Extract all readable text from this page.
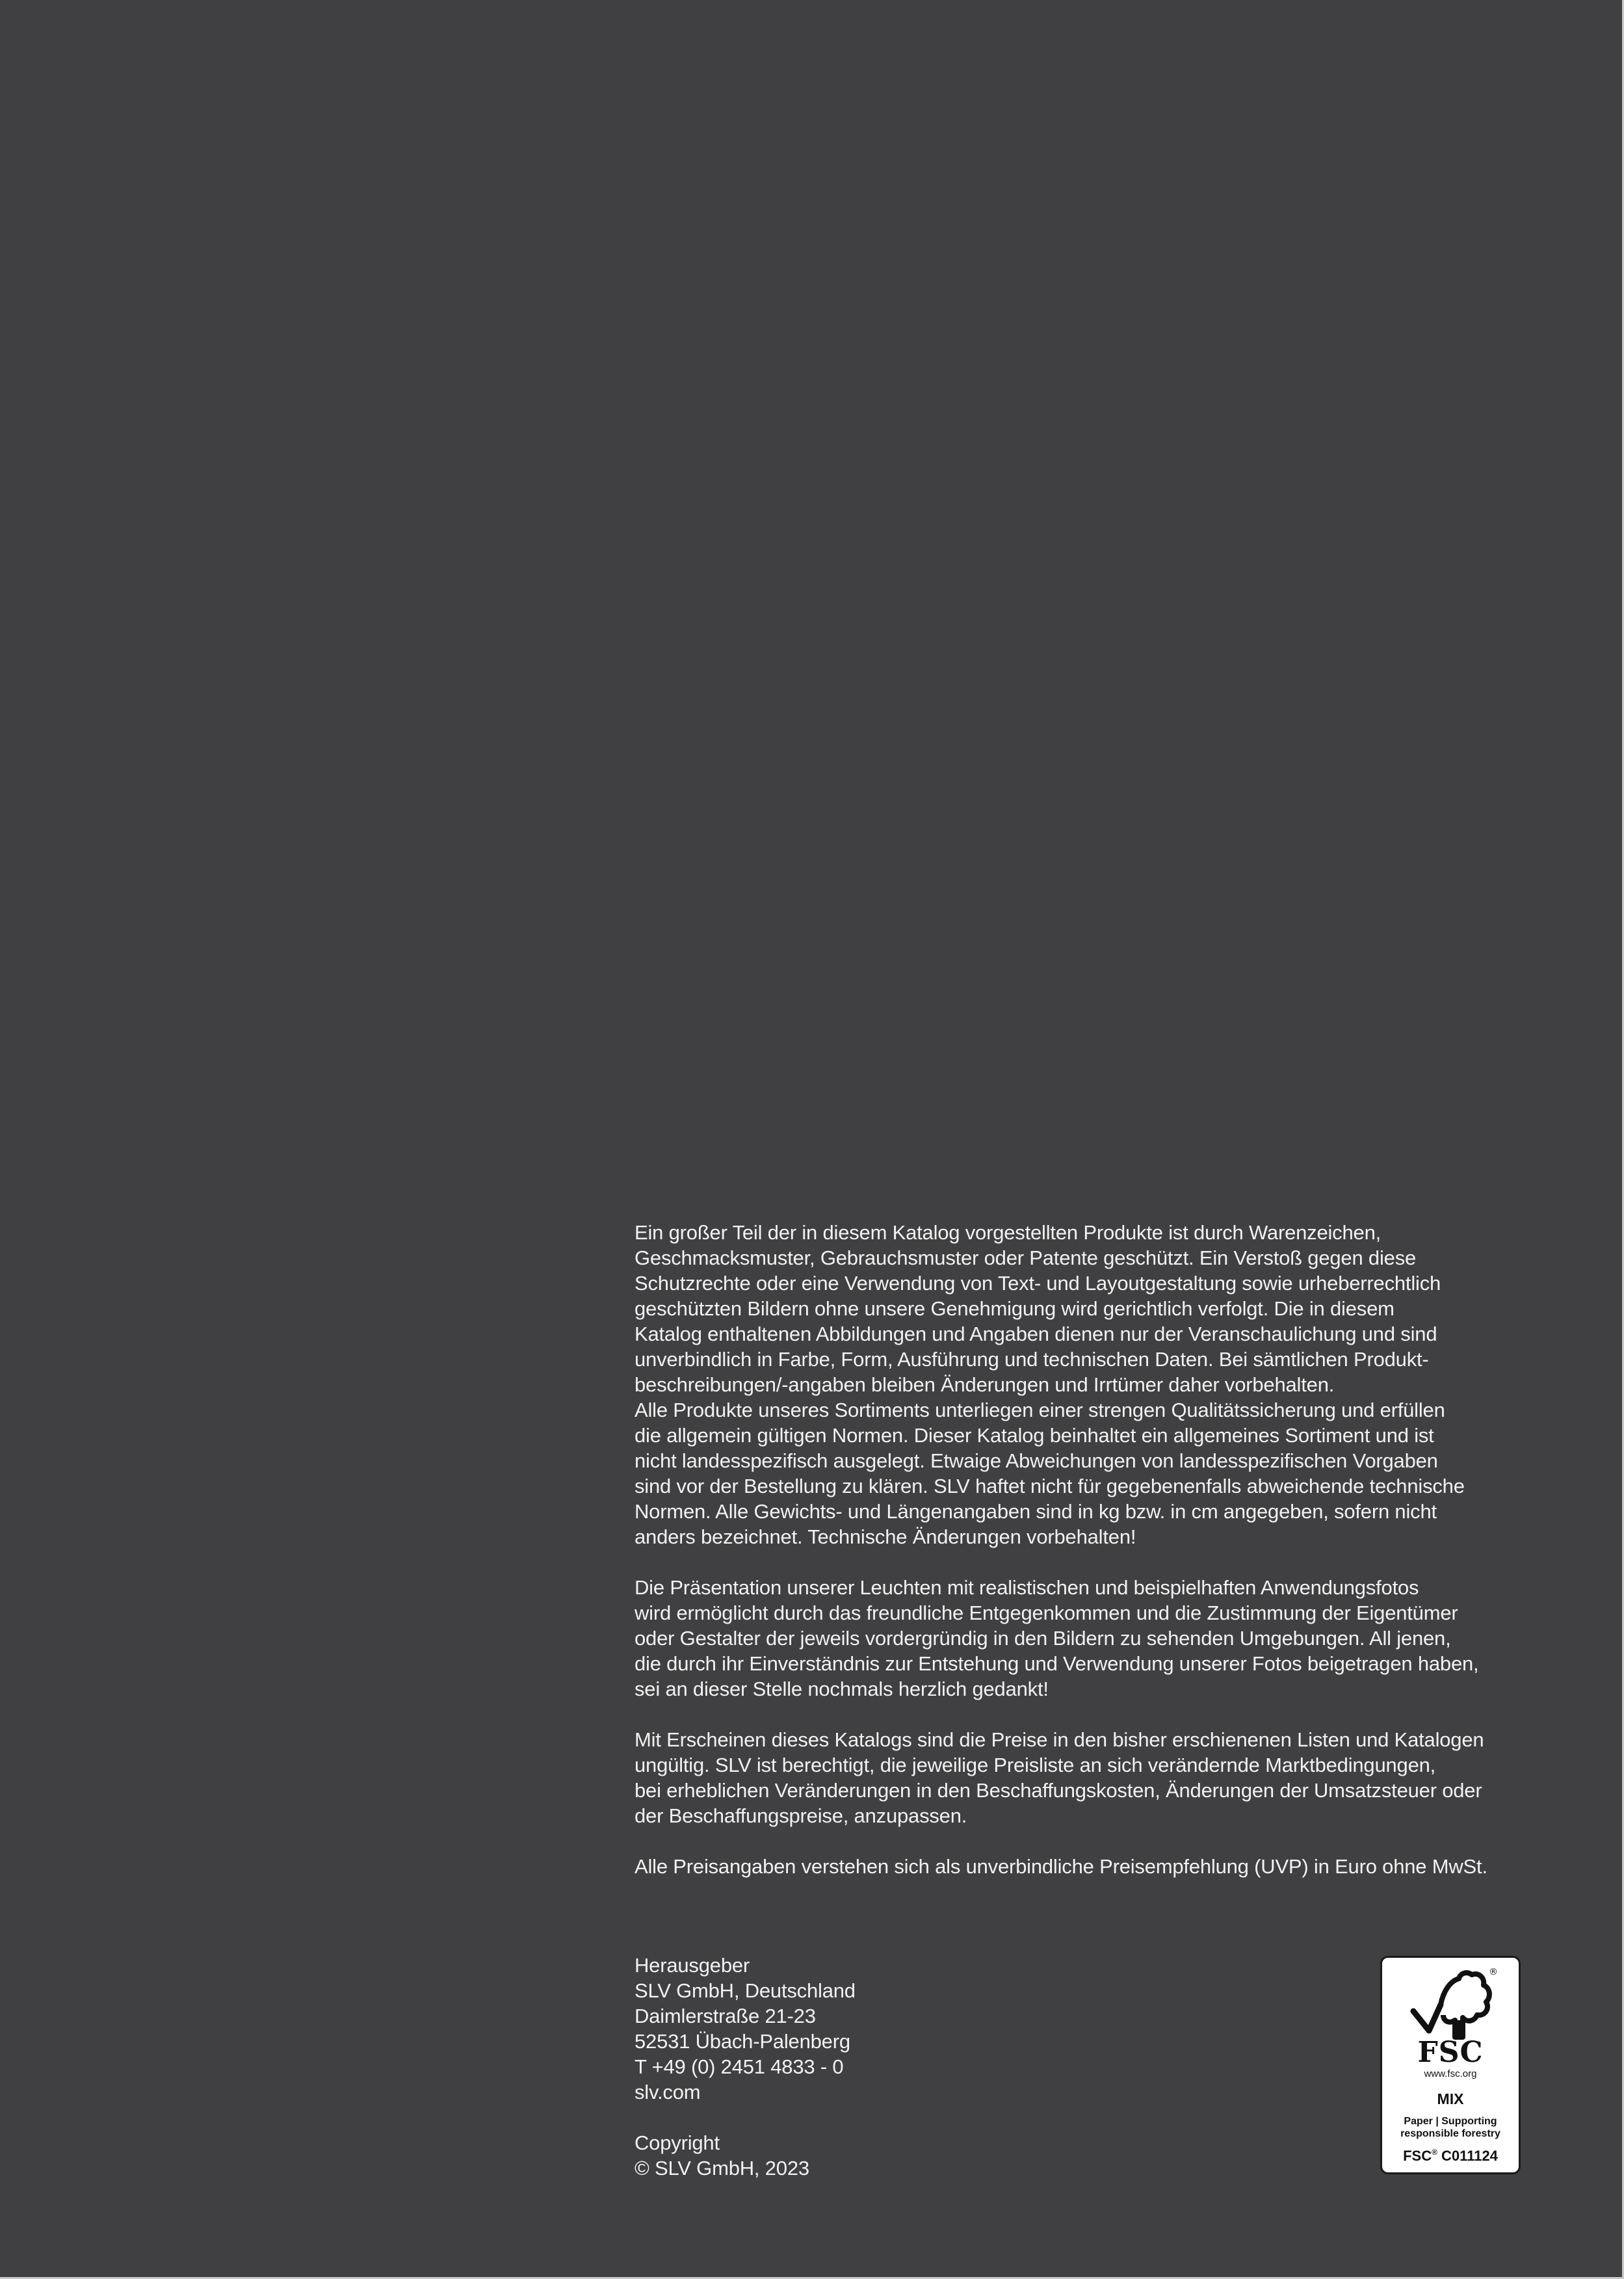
Ein großer Teil der in diesem Katalog vorgestellten Produkte ist durch Warenzeichen,
Geschmacksmuster, Gebrauchsmuster oder Patente geschützt. Ein Verstoß gegen diese
Schutzrechte oder eine Verwendung von Text- und Layoutgestaltung sowie urheberrechtlich
geschützten Bildern ohne unsere Genehmigung wird gerichtlich verfolgt. Die in diesem
Katalog enthaltenen Abbildungen und Angaben dienen nur der Veranschaulichung und sind
unverbindlich in Farbe, Form, Ausführung und technischen Daten. Bei sämtlichen Produkt-
beschreibungen/-angaben bleiben Änderungen und Irrtümer daher vorbehalten.
Alle Produkte unseres Sortiments unterliegen einer strengen Qualitätssicherung und erfüllen
die allgemein gültigen Normen. Dieser Katalog beinhaltet ein allgemeines Sortiment und ist
nicht landesspezifisch ausgelegt. Etwaige Abweichungen von landesspezifischen Vorgaben
sind vor der Bestellung zu klären. SLV haftet nicht für gegebenenfalls abweichende technische
Normen. Alle Gewichts- und Längenangaben sind in kg bzw. in cm angegeben, sofern nicht
anders bezeichnet. Technische Änderungen vorbehalten!

Die Präsentation unserer Leuchten mit realistischen und beispielhaften Anwendungsfotos
wird ermöglicht durch das freundliche Entgegenkommen und die Zustimmung der Eigentümer
oder Gestalter der jeweils vordergründig in den Bildern zu sehenden Umgebungen. All jenen,
die durch ihr Einverständnis zur Entstehung und Verwendung unserer Fotos beigetragen haben,
sei an dieser Stelle nochmals herzlich gedankt!

Mit Erscheinen dieses Katalogs sind die Preise in den bisher erschienenen Listen und Katalogen
ungültig. SLV ist berechtigt, die jeweilige Preisliste an sich verändernde Marktbedingungen,
bei erheblichen Veränderungen in den Beschaffungskosten, Änderungen der Umsatzsteuer oder
der Beschaffungspreise, anzupassen.

Alle Preisangaben verstehen sich als unverbindliche Preisempfehlung (UVP) in Euro ohne MwSt.

Herausgeber
SLV GmbH, Deutschland
Daimlerstraße 21-23
52531 Übach-Palenberg
T +49 (0) 2451 4833 - 0
slv.com
Copyright
© SLV GmbH, 2023
®
FSC
www.fsc.org
MIX
Paper | Supporting
responsible forestry
FSC® C011124
